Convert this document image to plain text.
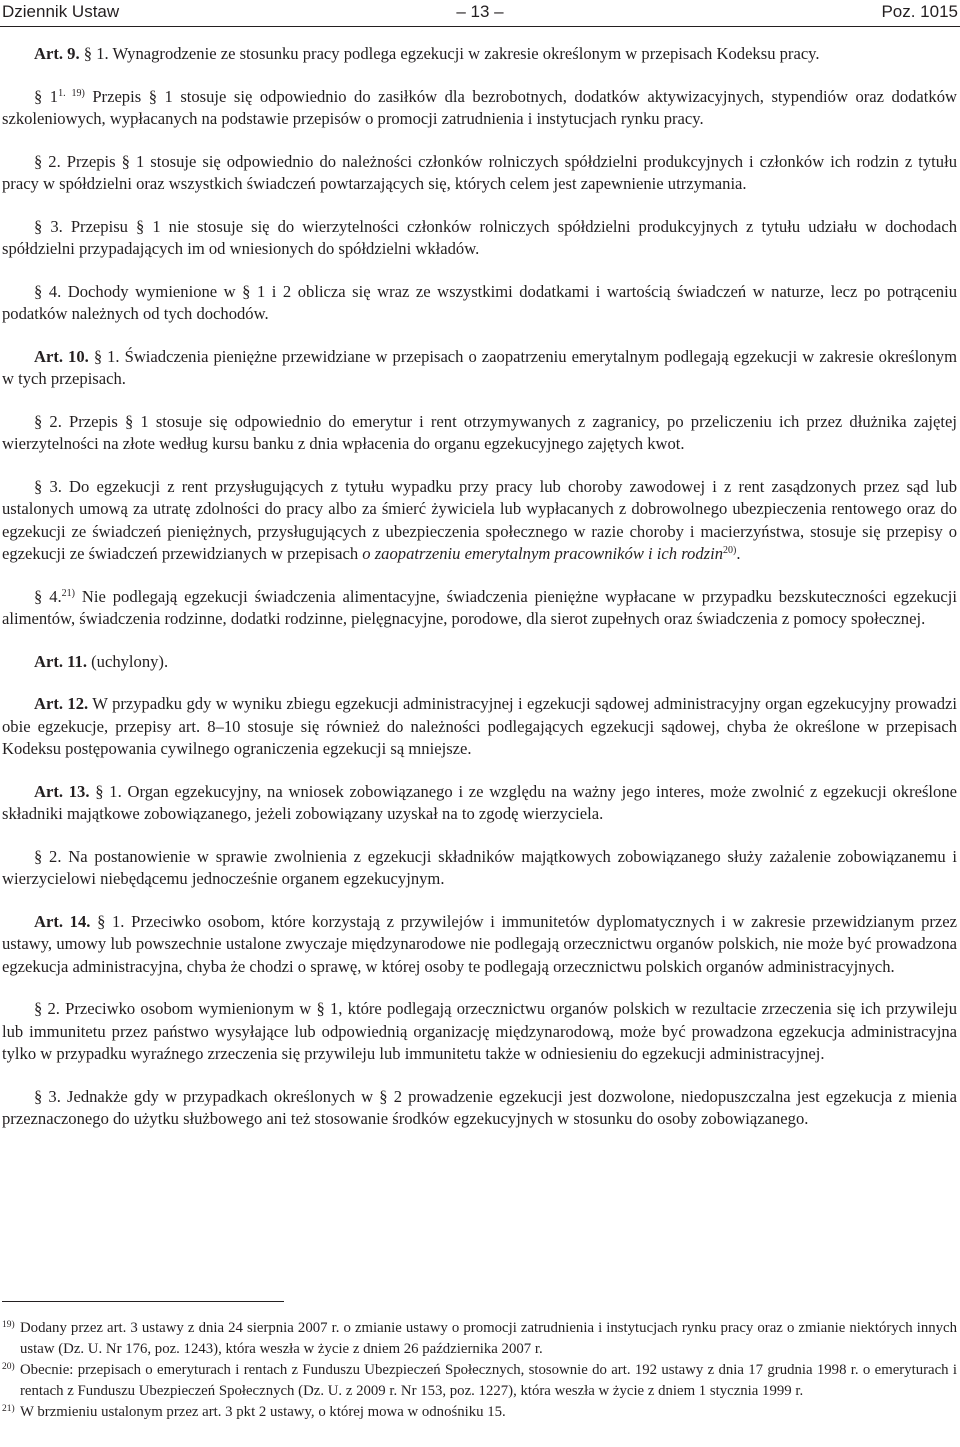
Dziennik Ustaw	– 13 –	Poz. 1015

Art. 9. § 1. Wynagrodzenie ze stosunku pracy podlega egzekucji w zakresie określonym w przepisach Kodeksu pracy.

§ $1^{1. 19)}$ Przepis § 1 stosuje się odpowiednio do zasiłków dla bezrobotnych, dodatków aktywizacyjnych, stypendiów oraz dodatków szkoleniowych, wypłacanych na podstawie przepisów o promocji zatrudnienia i instytucjach rynku pracy.

§ 2. Przepis § 1 stosuje się odpowiednio do należności członków rolniczych spółdzielni produkcyjnych i członków ich rodzin z tytułu pracy w spółdzielni oraz wszystkich świadczeń powtarzających się, których celem jest zapewnienie utrzymania.

§ 3. Przepisu § 1 nie stosuje się do wierzytelności członków rolniczych spółdzielni produkcyjnych z tytułu udziału w dochodach spółdzielni przypadających im od wniesionych do spółdzielni wkładów.

§ 4. Dochody wymienione w § 1 i 2 oblicza się wraz ze wszystkimi dodatkami i wartością świadczeń w naturze, lecz po potrąceniu podatków należnych od tych dochodów.

Art. 10. § 1. Świadczenia pieniężne przewidziane w przepisach o zaopatrzeniu emerytalnym podlegają egzekucji w zakresie określonym w tych przepisach.

§ 2. Przepis § 1 stosuje się odpowiednio do emerytur i rent otrzymywanych z zagranicy, po przeliczeniu ich przez dłużnika zajętej wierzytelności na złote według kursu banku z dnia wpłacenia do organu egzekucyjnego zajętych kwot.

§ 3. Do egzekucji z rent przysługujących z tytułu wypadku przy pracy lub choroby zawodowej i z rent zasądzonych przez sąd lub ustalonych umową za utratę zdolności do pracy albo za śmierć żywiciela lub wypłacanych z dobrowolnego ubezpieczenia rentowego oraz do egzekucji ze świadczeń pieniężnych, przysługujących z ubezpieczenia społecznego w razie choroby i macierzyństwa, stosuje się przepisy o egzekucji ze świadczeń przewidzianych w przepisach o zaopatrzeniu emerytalnym pracowników i ich rodzin$^{20)}$.

§ 4.$^{21)}$ Nie podlegają egzekucji świadczenia alimentacyjne, świadczenia pieniężne wypłacane w przypadku bezskuteczności egzekucji alimentów, świadczenia rodzinne, dodatki rodzinne, pielęgnacyjne, porodowe, dla sierot zupełnych oraz świadczenia z pomocy społecznej.

Art. 11. (uchylony).

Art. 12. W przypadku gdy w wyniku zbiegu egzekucji administracyjnej i egzekucji sądowej administracyjny organ egzekucyjny prowadzi obie egzekucje, przepisy art. 8–10 stosuje się również do należności podlegających egzekucji sądowej, chyba że określone w przepisach Kodeksu postępowania cywilnego ograniczenia egzekucji są mniejsze.

Art. 13. § 1. Organ egzekucyjny, na wniosek zobowiązanego i ze względu na ważny jego interes, może zwolnić z egzekucji określone składniki majątkowe zobowiązanego, jeżeli zobowiązany uzyskał na to zgodę wierzyciela.

§ 2. Na postanowienie w sprawie zwolnienia z egzekucji składników majątkowych zobowiązanego służy zażalenie zobowiązanemu i wierzycielowi niebędącemu jednocześnie organem egzekucyjnym.

Art. 14. § 1. Przeciwko osobom, które korzystają z przywilejów i immunitetów dyplomatycznych i w zakresie przewidzianym przez ustawy, umowy lub powszechnie ustalone zwyczaje międzynarodowe nie podlegają orzecznictwu organów polskich, nie może być prowadzona egzekucja administracyjna, chyba że chodzi o sprawę, w której osoby te podlegają orzecznictwu polskich organów administracyjnych.

§ 2. Przeciwko osobom wymienionym w § 1, które podlegają orzecznictwu organów polskich w rezultacie zrzeczenia się ich przywileju lub immunitetu przez państwo wysyłające lub odpowiednią organizację międzynarodową, może być prowadzona egzekucja administracyjna tylko w przypadku wyraźnego zrzeczenia się przywileju lub immunitetu także w odniesieniu do egzekucji administracyjnej.

§ 3. Jednakże gdy w przypadkach określonych w § 2 prowadzenie egzekucji jest dozwolone, niedopuszczalna jest egzekucja z mienia przeznaczonego do użytku służbowego ani też stosowanie środków egzekucyjnych w stosunku do osoby zobowiązanego.

19) Dodany przez art. 3 ustawy z dnia 24 sierpnia 2007 r. o zmianie ustawy o promocji zatrudnienia i instytucjach rynku pracy oraz o zmianie niektórych innych ustaw (Dz. U. Nr 176, poz. 1243), która weszła w życie z dniem 26 października 2007 r.
20) Obecnie: przepisach o emeryturach i rentach z Funduszu Ubezpieczeń Społecznych, stosownie do art. 192 ustawy z dnia 17 grudnia 1998 r. o emeryturach i rentach z Funduszu Ubezpieczeń Społecznych (Dz. U. z 2009 r. Nr 153, poz. 1227), która weszła w życie z dniem 1 stycznia 1999 r.
21) W brzmieniu ustalonym przez art. 3 pkt 2 ustawy, o której mowa w odnośniku 15.
